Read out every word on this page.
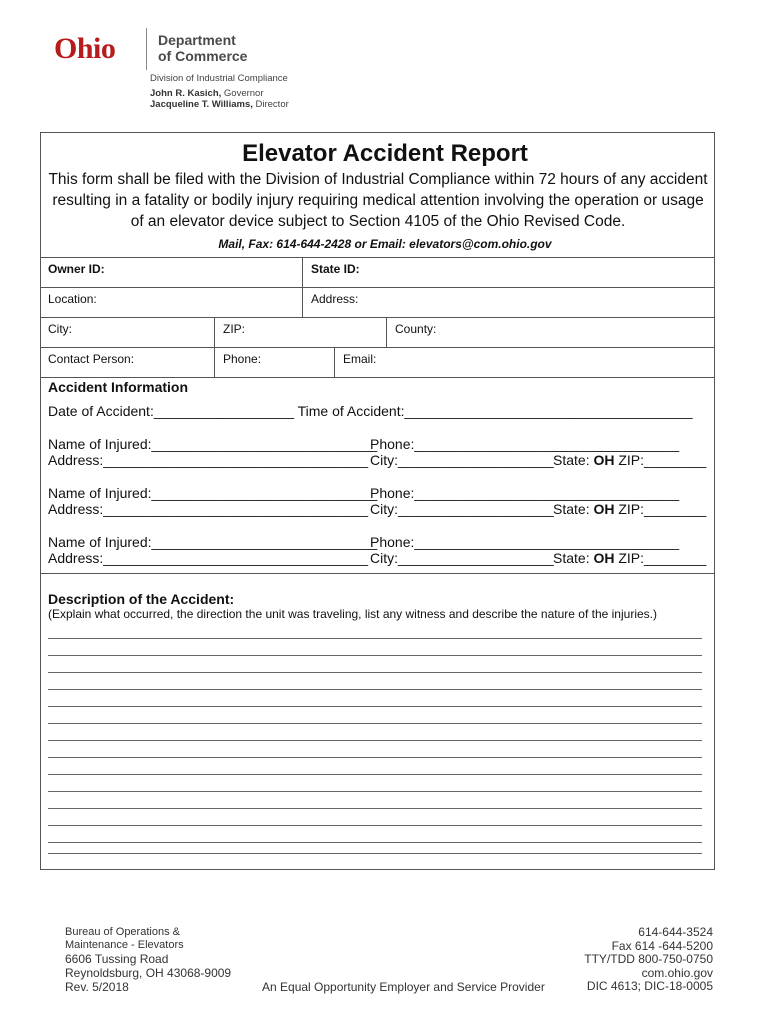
Ohio	Department
of Commerce
Division of Industrial Compliance
John R. Kasich, Governor
Jacqueline T. Williams, Director
Elevator Accident Report
This form shall be filed with the Division of Industrial Compliance within 72 hours of any accident resulting in a fatality or bodily injury requiring medical attention involving the operation or usage of an elevator device subject to Section 4105 of the Ohio Revised Code.
Mail, Fax: 614-644-2428 or Email: elevators@com.ohio.gov
Owner ID:	State ID:
Location:	Address:
City:	ZIP:	County:
Contact Person:	Phone:	Email:
Accident Information
Date of Accident:__________________ Time of Accident:_____________________________________
Name of Injured:_____________________________
Phone:__________________________________
Address:__________________________________ City:____________________ State: OH ZIP:________
Name of Injured:_____________________________
Phone:__________________________________
Address:__________________________________ City:____________________ State: OH ZIP:________
Name of Injured:_____________________________
Phone:__________________________________
Address:__________________________________ City:____________________ State: OH ZIP:________
Description of the Accident:
(Explain what occurred, the direction the unit was traveling, list any witness and describe the nature of the injuries.)
Bureau of Operations &
Maintenance - Elevators
6606 Tussing Road
Reynoldsburg, OH 43068-9009
Rev. 5/2018	An Equal Opportunity Employer and Service Provider
614-644-3524
Fax 614 -644-5200
TTY/TDD 800-750-0750
com.ohio.gov
DIC 4613; DIC-18-0005
